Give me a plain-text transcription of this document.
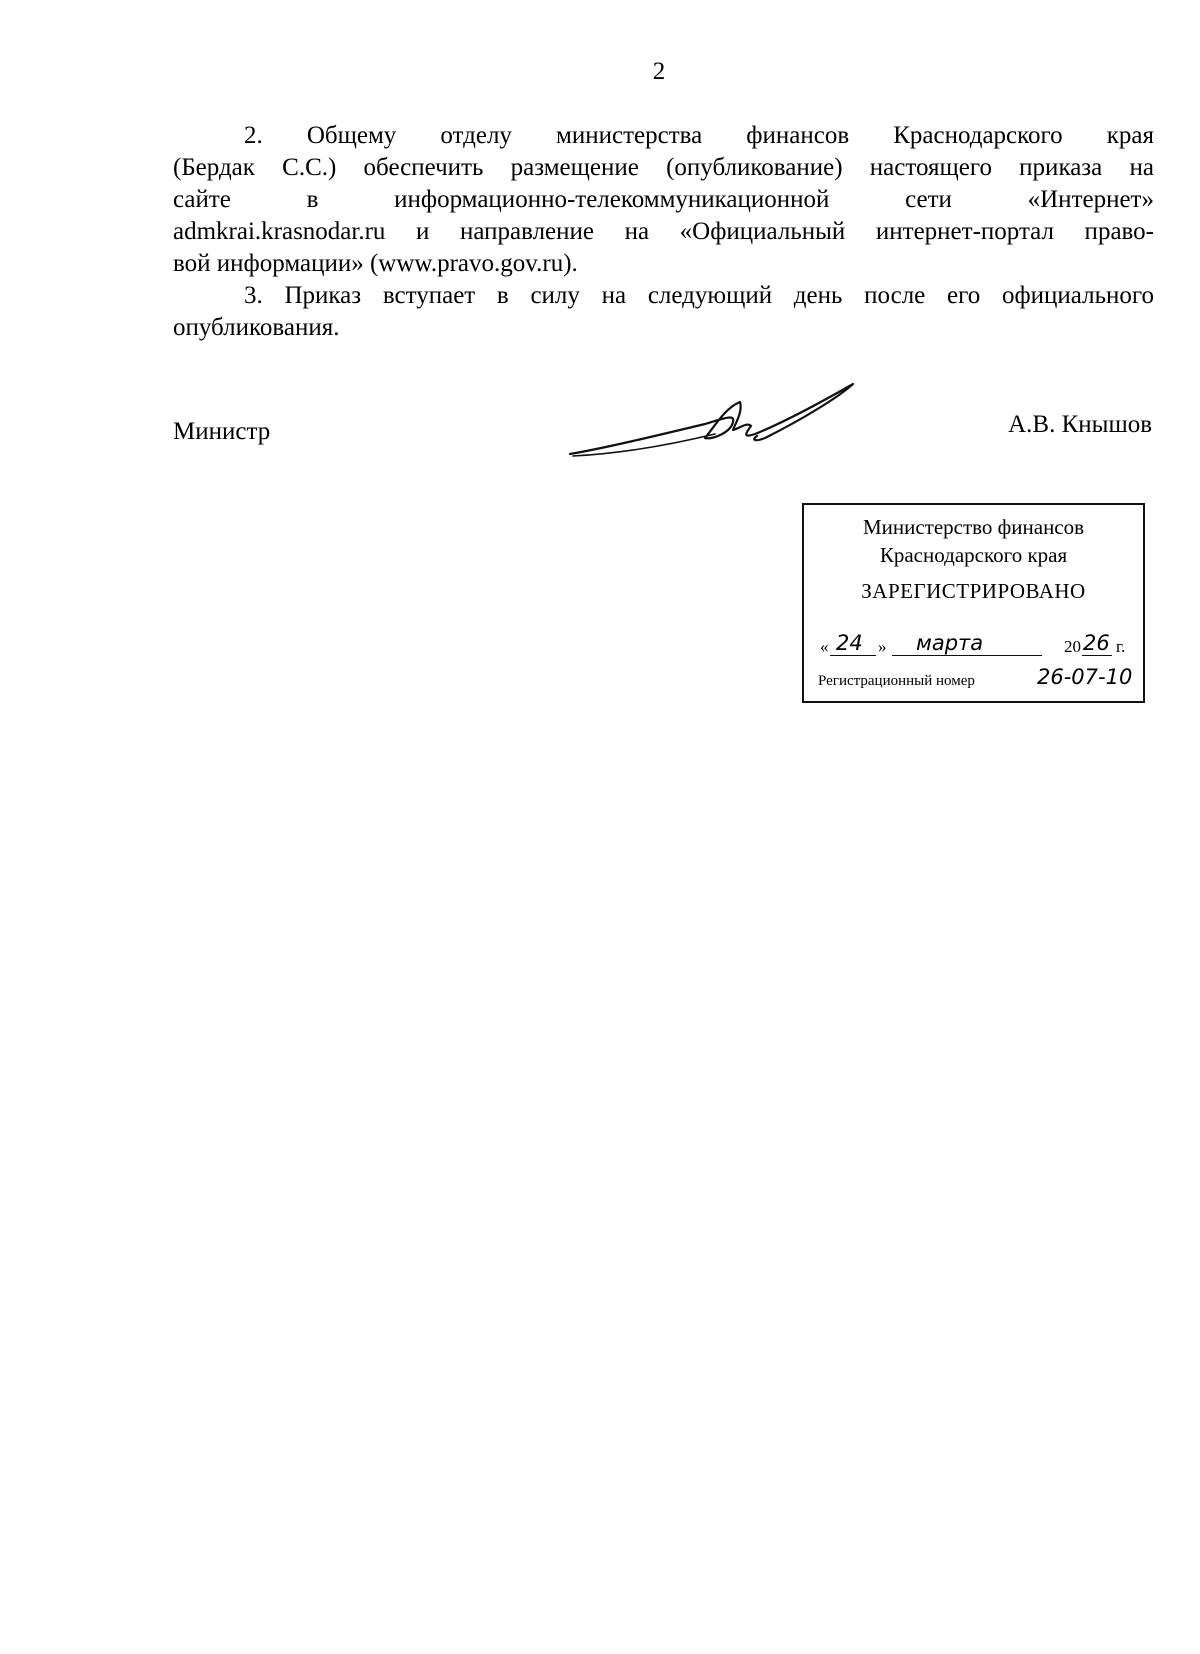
2

2. Общему отделу министерства финансов Краснодарского края
(Бердак С.С.) обеспечить размещение (опубликование) настоящего приказа на
сайте в информационно-телекоммуникационной сети «Интернет»
admkrai.krasnodar.ru и направление на «Официальный интернет-портал право-
вой информации» (www.pravo.gov.ru).

3. Приказ вступает в силу на следующий день после его официального
опубликования.

Министр	А.В. Кнышов
Министерство финансов
Краснодарского края
ЗАРЕГИСТРИРОВАНО
« 24 » марта	20 26 г.
Регистрационный номер	26-07-10
